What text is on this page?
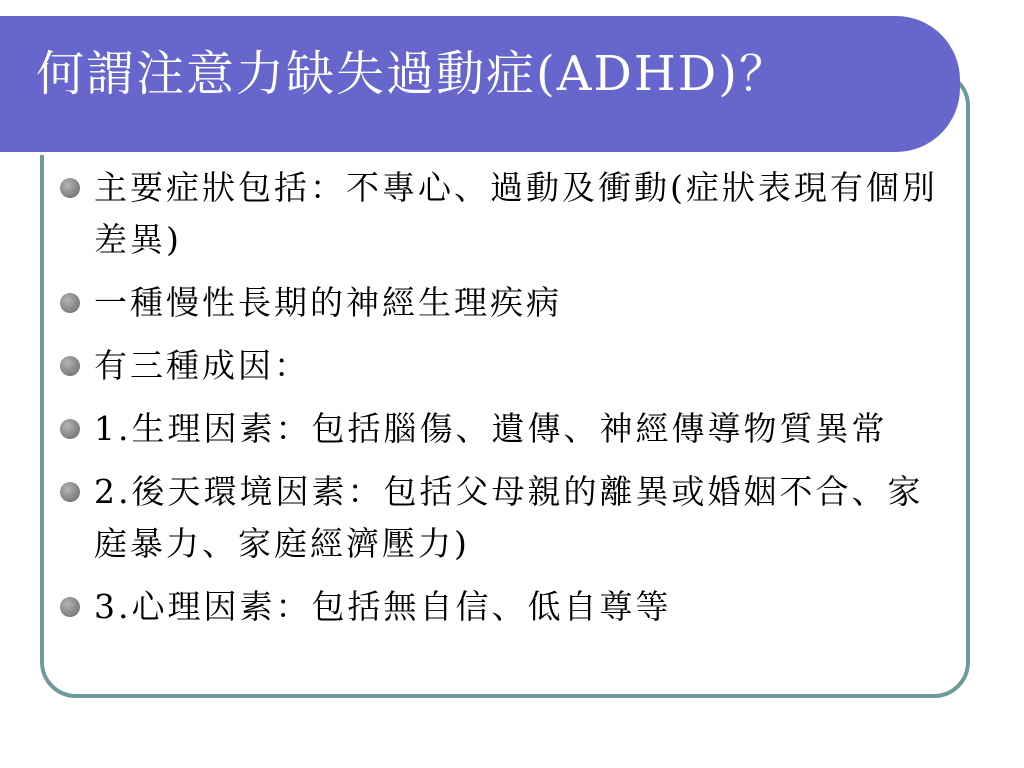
何謂注意力缺失過動症(ADHD)？
主要症狀包括：不專心、過動及衝動(症狀表現有個別差異)
一種慢性長期的神經生理疾病
有三種成因：
1.生理因素：包括腦傷、遺傳、神經傳導物質異常
2.後天環境因素：包括父母親的離異或婚姻不合、家庭暴力、家庭經濟壓力)
3.心理因素：包括無自信、低自尊等
